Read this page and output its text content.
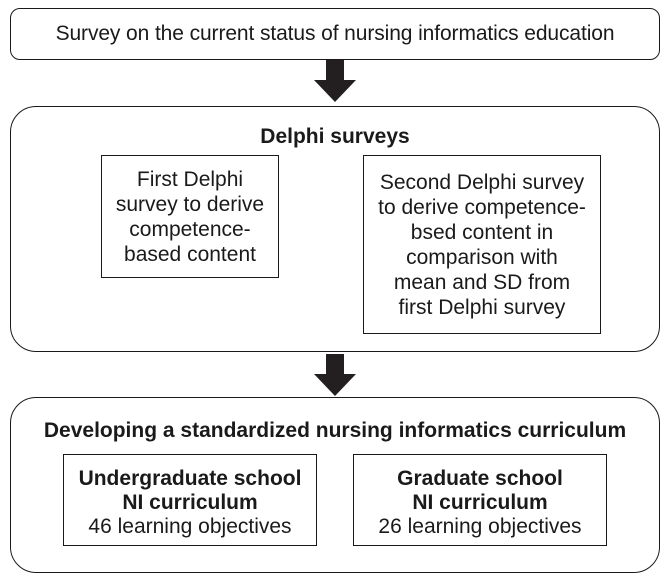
Survey on the current status of nursing informatics education
Delphi surveys
First Delphi
survey to derive
competence-
based content
Second Delphi survey
to derive competence-
bsed content in
comparison with
mean and SD from
first Delphi survey
Developing a standardized nursing informatics curriculum
Undergraduate school
NI curriculum
46 learning objectives
Graduate school
NI curriculum
26 learning objectives
